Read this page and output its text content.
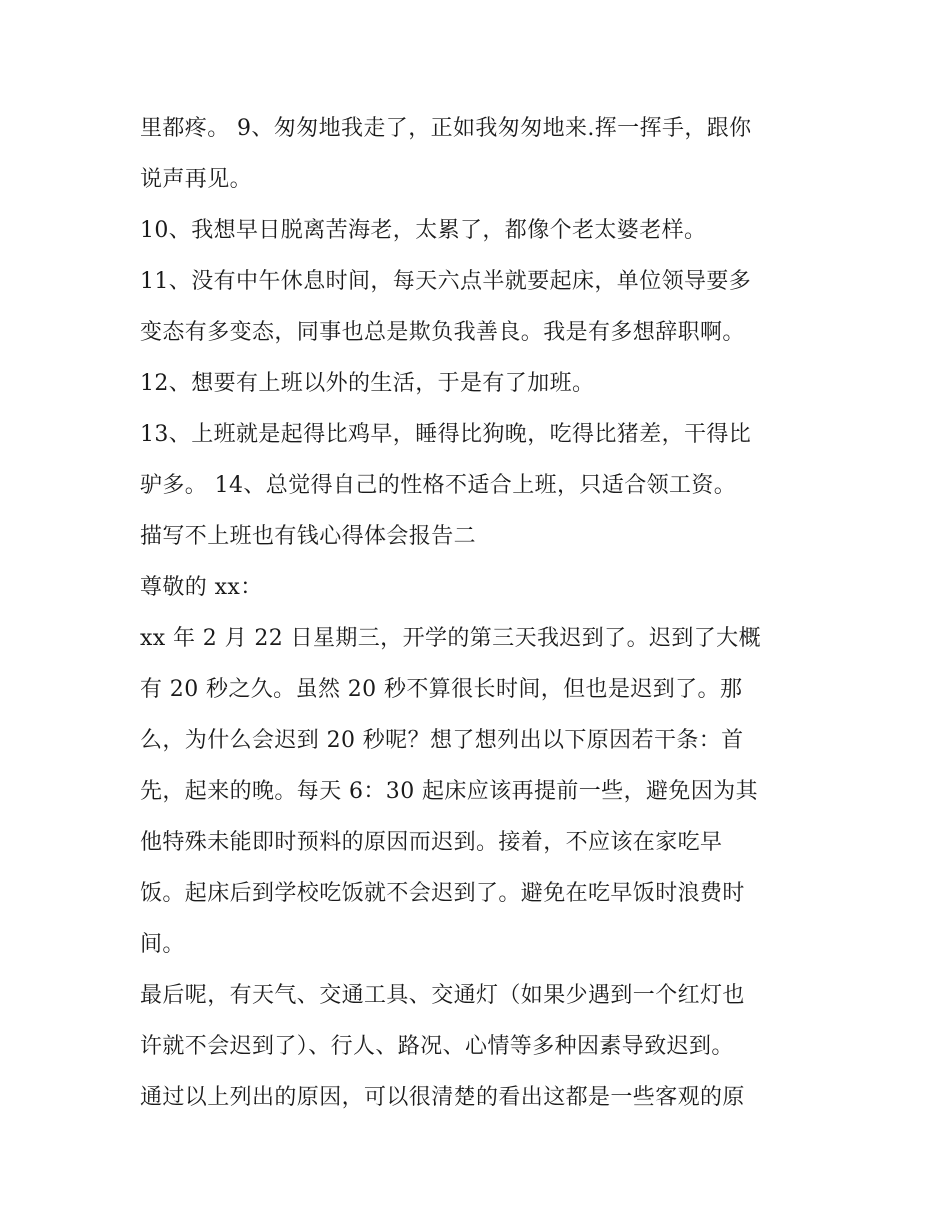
里都疼。 9、匆匆地我走了，正如我匆匆地来.挥一挥手，跟你
说声再见。
10、我想早日脱离苦海老，太累了，都像个老太婆老样。
11、没有中午休息时间，每天六点半就要起床，单位领导要多
变态有多变态，同事也总是欺负我善良。我是有多想辞职啊。
12、想要有上班以外的生活，于是有了加班。
13、上班就是起得比鸡早，睡得比狗晚，吃得比猪差，干得比
驴多。 14、总觉得自己的性格不适合上班，只适合领工资。
描写不上班也有钱心得体会报告二
尊敬的 xx：
xx 年 2 月 22 日星期三，开学的第三天我迟到了。迟到了大概
有 20 秒之久。虽然 20 秒不算很长时间，但也是迟到了。那
么，为什么会迟到 20 秒呢？想了想列出以下原因若干条：首
先，起来的晚。每天 6：30 起床应该再提前一些，避免因为其
他特殊未能即时预料的原因而迟到。接着，不应该在家吃早
饭。起床后到学校吃饭就不会迟到了。避免在吃早饭时浪费时
间。
最后呢，有天气、交通工具、交通灯（如果少遇到一个红灯也
许就不会迟到了）、行人、路况、心情等多种因素导致迟到。
通过以上列出的原因，可以很清楚的看出这都是一些客观的原
